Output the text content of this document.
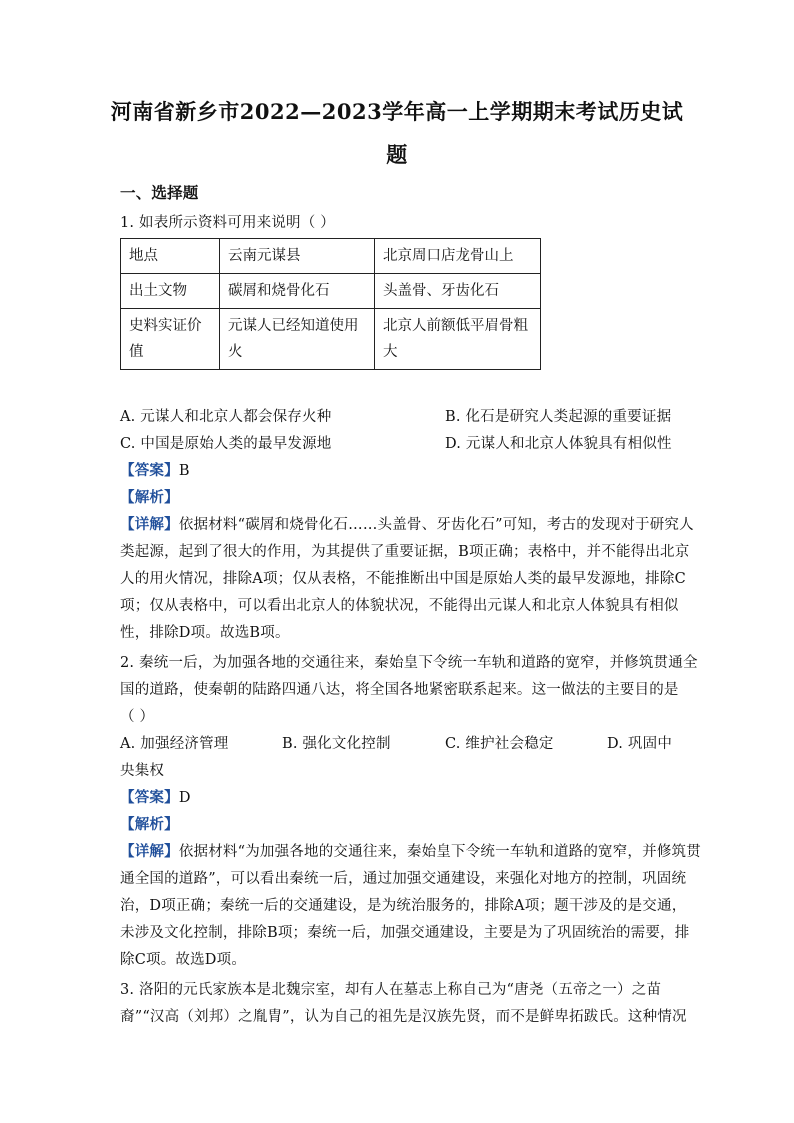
河南省新乡市2022—2023学年高一上学期期末考试历史试
题
一、选择题
1. 如表所示资料可用来说明（ ）
地点	云南元谋县	北京周口店龙骨山上
出土文物	碳屑和烧骨化石	头盖骨、牙齿化石
史料实证价值	元谋人已经知道使用火	北京人前额低平眉骨粗大
A. 元谋人和北京人都会保存火种	B. 化石是研究人类起源的重要证据
C. 中国是原始人类的最早发源地	D. 元谋人和北京人体貌具有相似性
【答案】B
【解析】
【详解】依据材料“碳屑和烧骨化石……头盖骨、牙齿化石”可知，考古的发现对于研究人
类起源，起到了很大的作用，为其提供了重要证据，B项正确；表格中，并不能得出北京
人的用火情况，排除A项；仅从表格，不能推断出中国是原始人类的最早发源地，排除C
项；仅从表格中，可以看出北京人的体貌状况，不能得出元谋人和北京人体貌具有相似
性，排除D项。故选B项。
2. 秦统一后，为加强各地的交通往来，秦始皇下令统一车轨和道路的宽窄，并修筑贯通全
国的道路，使秦朝的陆路四通八达，将全国各地紧密联系起来。这一做法的主要目的是
（ ）
A. 加强经济管理	B. 强化文化控制	C. 维护社会稳定	D. 巩固中
央集权
【答案】D
【解析】
【详解】依据材料“为加强各地的交通往来，秦始皇下令统一车轨和道路的宽窄，并修筑贯
通全国的道路”，可以看出秦统一后，通过加强交通建设，来强化对地方的控制，巩固统
治，D项正确；秦统一后的交通建设，是为统治服务的，排除A项；题干涉及的是交通，
未涉及文化控制，排除B项；秦统一后，加强交通建设，主要是为了巩固统治的需要，排
除C项。故选D项。
3. 洛阳的元氏家族本是北魏宗室，却有人在墓志上称自己为“唐尧（五帝之一）之苗
裔”“汉高（刘邦）之胤胄”，认为自己的祖先是汉族先贤，而不是鲜卑拓跋氏。这种情况
